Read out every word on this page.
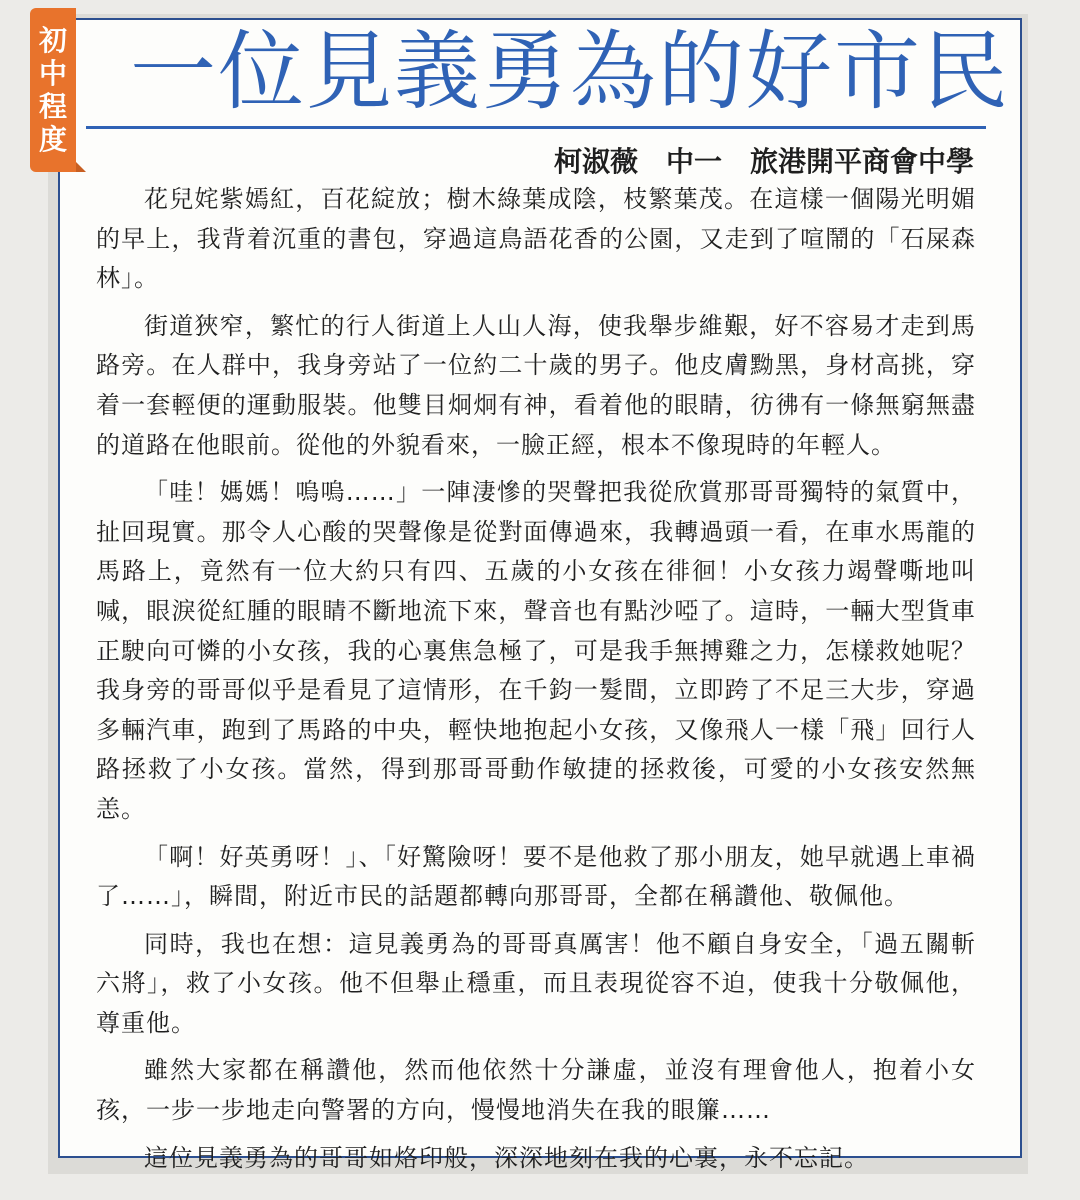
初
中
程
度
一位見義勇為的好市民
柯淑薇　中一　旅港開平商會中學

花兒姹紫嫣紅，百花綻放；樹木綠葉成陰，枝繁葉茂。在這樣一個陽光明媚的早上，我背着沉重的書包，穿過這鳥語花香的公園，又走到了喧鬧的「石屎森林」。

街道狹窄，繁忙的行人街道上人山人海，使我舉步維艱，好不容易才走到馬路旁。在人群中，我身旁站了一位約二十歲的男子。他皮膚黝黑，身材高挑，穿着一套輕便的運動服裝。他雙目炯炯有神，看着他的眼睛，彷彿有一條無窮無盡的道路在他眼前。從他的外貌看來，一臉正經，根本不像現時的年輕人。

「哇！媽媽！嗚嗚……」一陣淒慘的哭聲把我從欣賞那哥哥獨特的氣質中，扯回現實。那令人心酸的哭聲像是從對面傳過來，我轉過頭一看，在車水馬龍的馬路上，竟然有一位大約只有四、五歲的小女孩在徘徊！小女孩力竭聲嘶地叫喊，眼淚從紅腫的眼睛不斷地流下來，聲音也有點沙啞了。這時，一輛大型貨車正駛向可憐的小女孩，我的心裏焦急極了，可是我手無搏雞之力，怎樣救她呢？我身旁的哥哥似乎是看見了這情形，在千鈞一髮間，立即跨了不足三大步，穿過多輛汽車，跑到了馬路的中央，輕快地抱起小女孩，又像飛人一樣「飛」回行人路拯救了小女孩。當然，得到那哥哥動作敏捷的拯救後，可愛的小女孩安然無恙。

「啊！好英勇呀！」、「好驚險呀！要不是他救了那小朋友，她早就遇上車禍了……」，瞬間，附近市民的話題都轉向那哥哥，全都在稱讚他、敬佩他。

同時，我也在想：這見義勇為的哥哥真厲害！他不顧自身安全，「過五關斬六將」，救了小女孩。他不但舉止穩重，而且表現從容不迫，使我十分敬佩他，尊重他。

雖然大家都在稱讚他，然而他依然十分謙虛，並沒有理會他人，抱着小女孩，一步一步地走向警署的方向，慢慢地消失在我的眼簾……

這位見義勇為的哥哥如烙印般，深深地刻在我的心裏，永不忘記。
